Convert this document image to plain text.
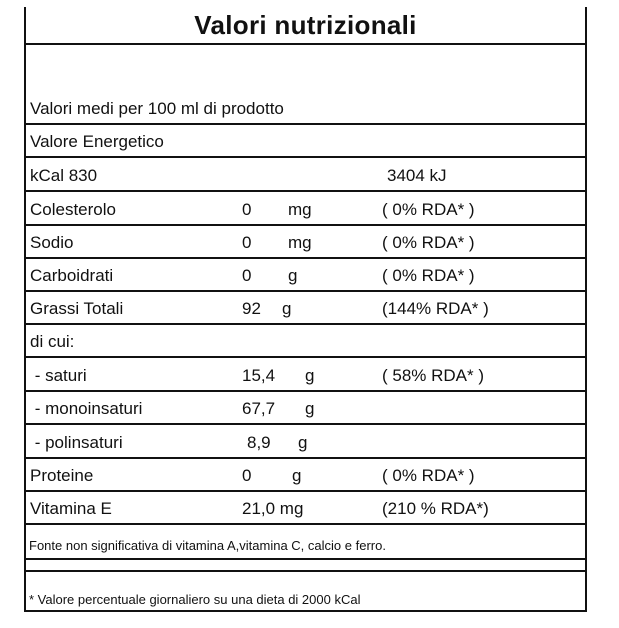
Valori nutrizionali
Valori medi per 100 ml di prodotto
Valore Energetico
kCal 830	3404 kJ
Colesterolo	0 mg	( 0% RDA* )
Sodio	0 mg	( 0% RDA* )
Carboidrati	0 g	( 0% RDA* )
Grassi Totali	92 g	(144% RDA* )
di cui:
- saturi	15,4 g	( 58% RDA* )
- monoinsaturi	67,7 g
- polinsaturi	8,9 g
Proteine	0 g	( 0% RDA* )
Vitamina E	21,0 mg	(210 % RDA*)
Fonte non significativa di vitamina A,vitamina C, calcio e ferro.
* Valore percentuale giornaliero su una dieta di 2000 kCal
